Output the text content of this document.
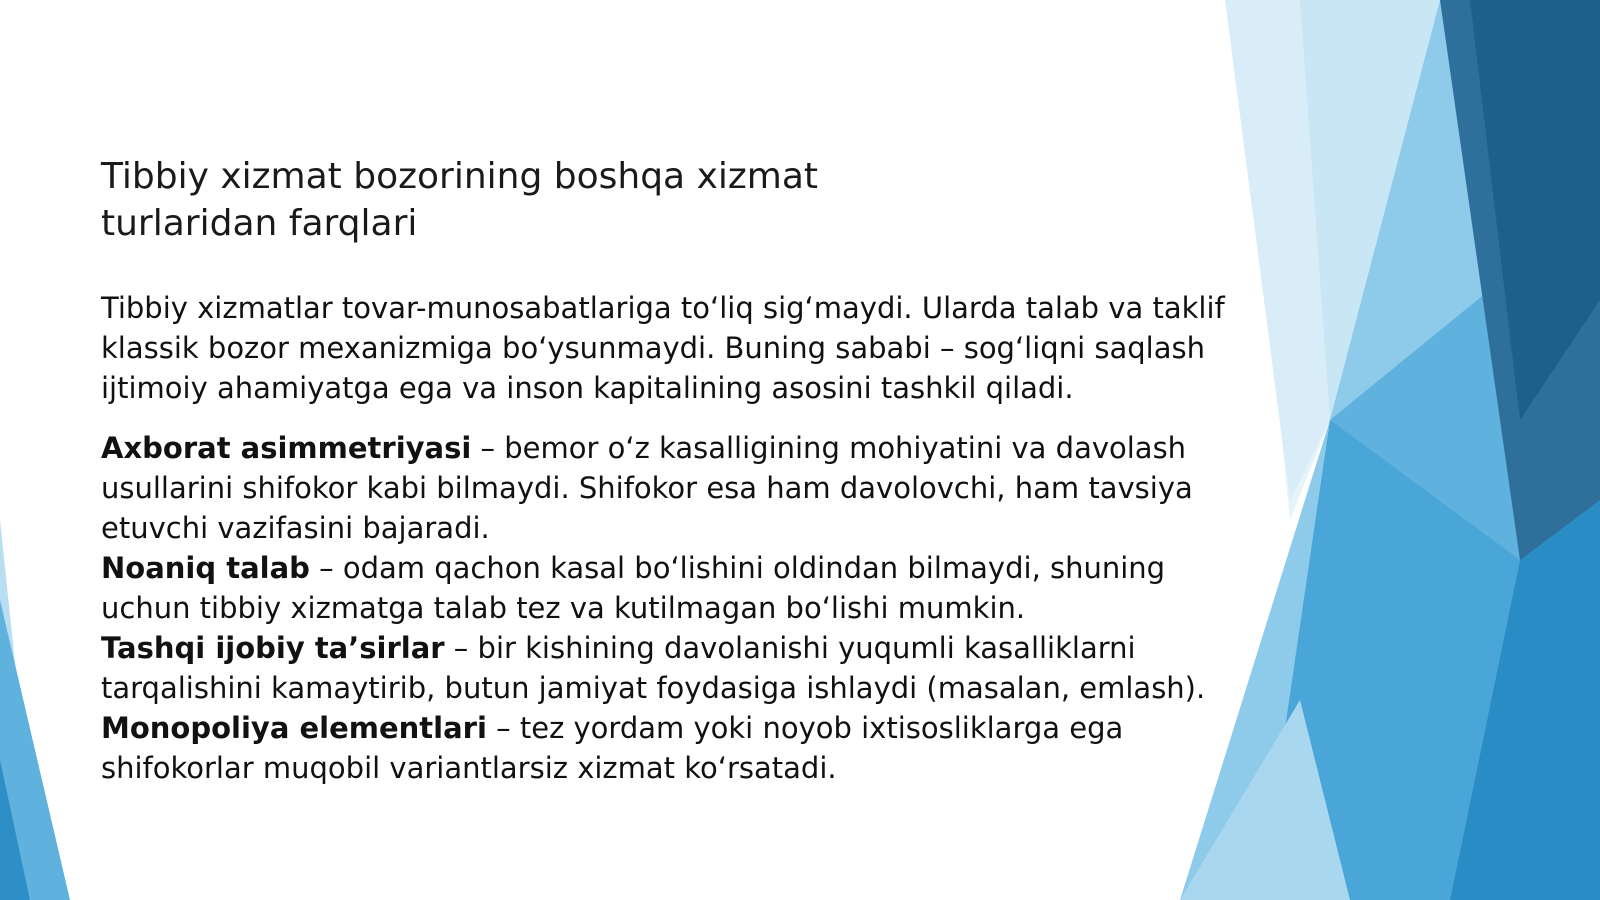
Tibbiy xizmat bozorining boshqa xizmat turlaridan farqlari

Tibbiy xizmatlar tovar-munosabatlariga to‘liq sig‘maydi. Ularda talab va taklif klassik bozor mexanizmiga bo‘ysunmaydi. Buning sababi – sog‘liqni saqlash ijtimoiy ahamiyatga ega va inson kapitalining asosini tashkil qiladi.

Axborat asimmetriyasi – bemor o‘z kasalligining mohiyatini va davolash usullarini shifokor kabi bilmaydi. Shifokor esa ham davolovchi, ham tavsiya etuvchi vazifasini bajaradi.
Noaniq talab – odam qachon kasal bo‘lishini oldindan bilmaydi, shuning uchun tibbiy xizmatga talab tez va kutilmagan bo‘lishi mumkin.
Tashqi ijobiy ta’sirlar – bir kishining davolanishi yuqumli kasalliklarni tarqalishini kamaytirib, butun jamiyat foydasiga ishlaydi (masalan, emlash).
Monopoliya elementlari – tez yordam yoki noyob ixtisosliklarga ega shifokorlar muqobil variantlarsiz xizmat ko‘rsatadi.
